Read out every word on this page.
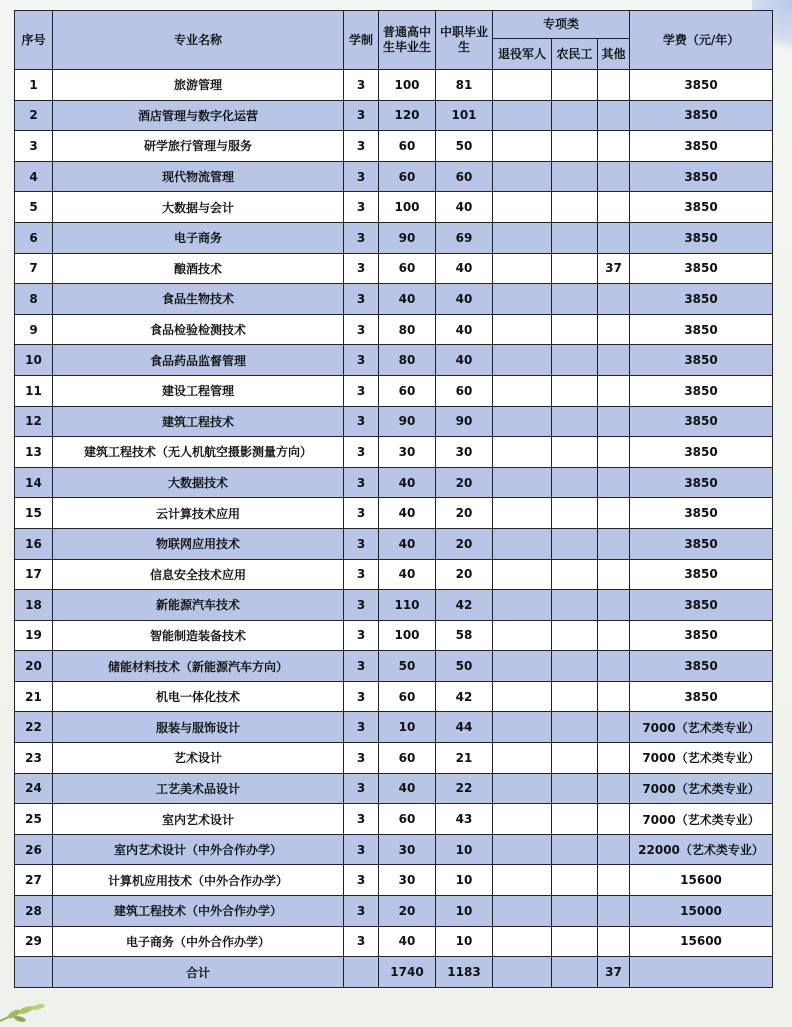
序号	专业名称	学制	普通高中生毕业生	中职毕业生	专项类			学费（元/年）
					退役军人	农民工	其他	
1	旅游管理	3	100	81				3850
2	酒店管理与数字化运营	3	120	101				3850
3	研学旅行管理与服务	3	60	50				3850
4	现代物流管理	3	60	60				3850
5	大数据与会计	3	100	40				3850
6	电子商务	3	90	69				3850
7	酿酒技术	3	60	40			37	3850
8	食品生物技术	3	40	40				3850
9	食品检验检测技术	3	80	40				3850
10	食品药品监督管理	3	80	40				3850
11	建设工程管理	3	60	60				3850
12	建筑工程技术	3	90	90				3850
13	建筑工程技术（无人机航空摄影测量方向）	3	30	30				3850
14	大数据技术	3	40	20				3850
15	云计算技术应用	3	40	20				3850
16	物联网应用技术	3	40	20				3850
17	信息安全技术应用	3	40	20				3850
18	新能源汽车技术	3	110	42				3850
19	智能制造装备技术	3	100	58				3850
20	储能材料技术（新能源汽车方向）	3	50	50				3850
21	机电一体化技术	3	60	42				3850
22	服装与服饰设计	3	10	44				7000（艺术类专业）
23	艺术设计	3	60	21				7000（艺术类专业）
24	工艺美术品设计	3	40	22				7000（艺术类专业）
25	室内艺术设计	3	60	43				7000（艺术类专业）
26	室内艺术设计（中外合作办学）	3	30	10				22000（艺术类专业）
27	计算机应用技术（中外合作办学）	3	30	10				15600
28	建筑工程技术（中外合作办学）	3	20	10				15000
29	电子商务（中外合作办学）	3	40	10				15600
	合计		1740	1183			37	
